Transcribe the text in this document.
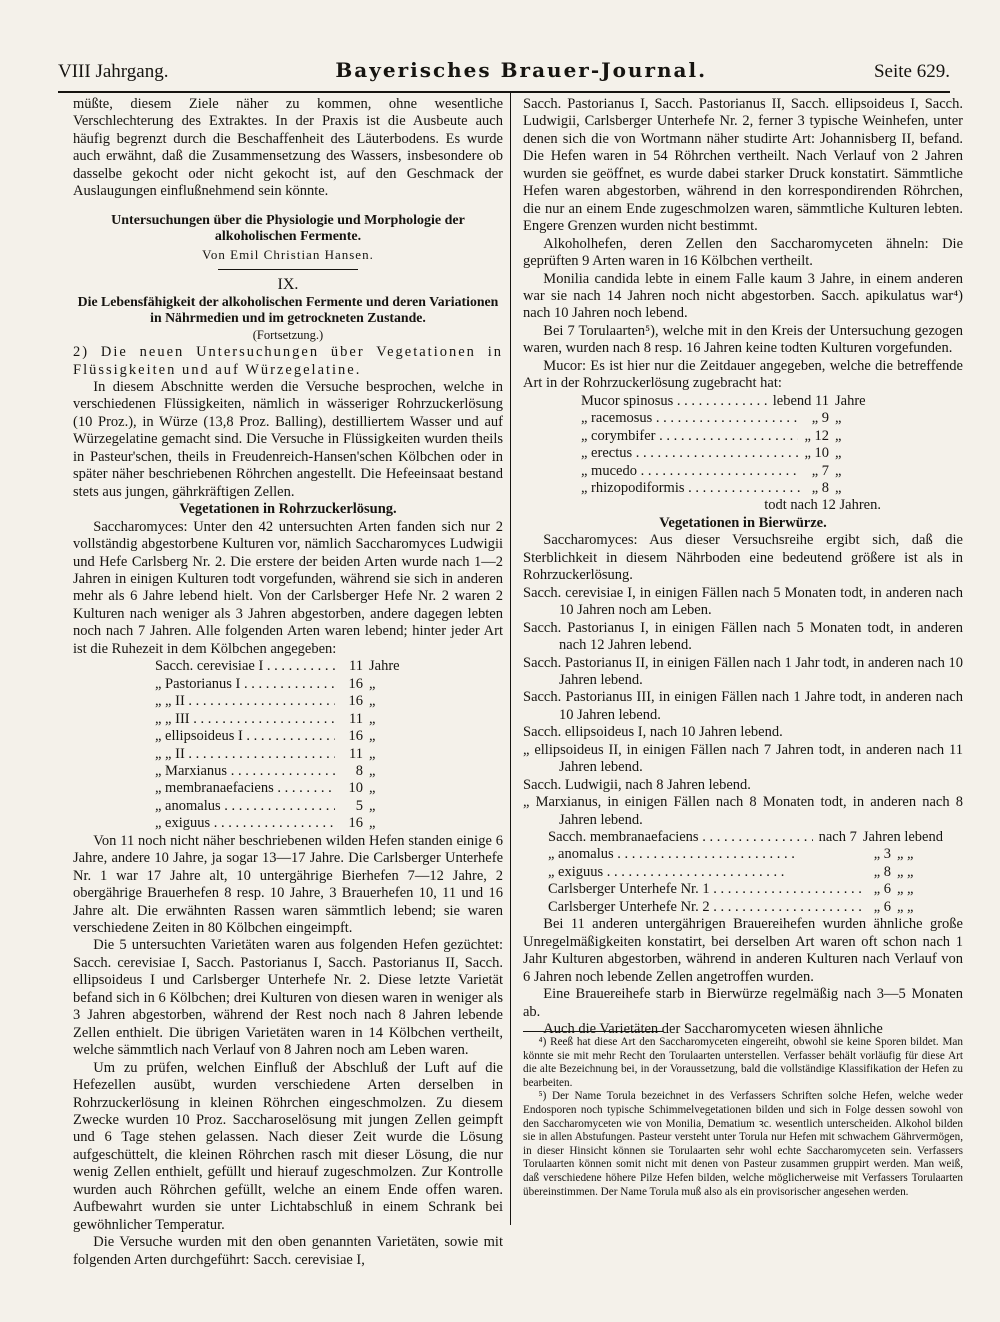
VIII Jahrgang.	Bayerisches Brauer-Journal.	Seite 629.

müßte, diesem Ziele näher zu kommen, ohne wesentliche Verschlechterung des Extraktes. In der Praxis ist die Ausbeute auch häufig begrenzt durch die Beschaffenheit des Läuterbodens. Es wurde auch erwähnt, daß die Zusammensetzung des Wassers, insbesondere ob dasselbe gekocht oder nicht gekocht ist, auf den Geschmack der Auslaugungen einflußnehmend sein könnte.

Untersuchungen über die Physiologie und Morphologie der alkoholischen Fermente.

Von Emil Christian Hansen.

IX.

Die Lebensfähigkeit der alkoholischen Fermente und deren Variationen in Nährmedien und im getrockneten Zustande.

(Fortsetzung.)

2) Die neuen Untersuchungen über Vegetationen in Flüssigkeiten und auf Würzegelatine.

In diesem Abschnitte werden die Versuche besprochen, welche in verschiedenen Flüssigkeiten, nämlich in wässeriger Rohrzuckerlösung (10 Proz.), in Würze (13,8 Proz. Balling), destilliertem Wasser und auf Würzegelatine gemacht sind. Die Versuche in Flüssigkeiten wurden theils in Pasteur'schen, theils in Freudenreich-Hansen'schen Kölbchen oder in später näher beschriebenen Röhrchen angestellt. Die Hefeeinsaat bestand stets aus jungen, gährkräftigen Zellen.

Vegetationen in Rohrzuckerlösung.

Saccharomyces: Unter den 42 untersuchten Arten fanden sich nur 2 vollständig abgestorbene Kulturen vor, nämlich Saccharomyces Ludwigii und Hefe Carlsberg Nr. 2. Die erstere der beiden Arten wurde nach 1—2 Jahren in einigen Kulturen todt vorgefunden, während sie sich in anderen mehr als 6 Jahre lebend hielt. Von der Carlsberger Hefe Nr. 2 waren 2 Kulturen nach weniger als 3 Jahren abgestorben, andere dagegen lebten noch nach 7 Jahren. Alle folgenden Arten waren lebend; hinter jeder Art ist die Ruhezeit in dem Kölbchen angegeben:

Sacch. cerevisiae I . . .	11 Jahre
„ Pastorianus I . . .	16 „
„ „ II . . .	16 „
„ „ III . . .	11 „
„ ellipsoideus I . . .	16 „
„ „ II . . .	11 „
„ Marxianus . . .	8 „
„ membranaefaciens . . .	10 „
„ anomalus . . .	5 „
„ exiguus . . .	16 „

Von 11 noch nicht näher beschriebenen wilden Hefen standen einige 6 Jahre, andere 10 Jahre, ja sogar 13—17 Jahre. Die Carlsberger Unterhefe Nr. 1 war 17 Jahre alt, 10 untergährige Bierhefen 7—12 Jahre, 2 obergährige Brauerhefen 8 resp. 10 Jahre, 3 Brauerhefen 10, 11 und 16 Jahre alt. Die erwähnten Rassen waren sämmtlich lebend; sie waren verschiedene Zeiten in 80 Kölbchen eingeimpft.

Die 5 untersuchten Varietäten waren aus folgenden Hefen gezüchtet: Sacch. cerevisiae I, Sacch. Pastorianus I, Sacch. Pastorianus II, Sacch. ellipsoideus I und Carlsberger Unterhefe Nr. 2. Diese letzte Varietät befand sich in 6 Kölbchen; drei Kulturen von diesen waren in weniger als 3 Jahren abgestorben, während der Rest noch nach 8 Jahren lebende Zellen enthielt. Die übrigen Varietäten waren in 14 Kölbchen vertheilt, welche sämmtlich nach Verlauf von 8 Jahren noch am Leben waren.

Um zu prüfen, welchen Einfluß der Abschluß der Luft auf die Hefezellen ausübt, wurden verschiedene Arten derselben in Rohrzuckerlösung in kleinen Röhrchen eingeschmolzen. Zu diesem Zwecke wurden 10 Proz. Saccharoselösung mit jungen Zellen geimpft und 6 Tage stehen gelassen. Nach dieser Zeit wurde die Lösung aufgeschüttelt, die kleinen Röhrchen rasch mit dieser Lösung, die nur wenig Zellen enthielt, gefüllt und hierauf zugeschmolzen. Zur Kontrolle wurden auch Röhrchen gefüllt, welche an einem Ende offen waren. Aufbewahrt wurden sie unter Lichtabschluß in einem Schrank bei gewöhnlicher Temperatur.

Die Versuche wurden mit den oben genannten Varietäten, sowie mit folgenden Arten durchgeführt: Sacch. cerevisiae I,

Sacch. Pastorianus I, Sacch. Pastorianus II, Sacch. ellipsoideus I, Sacch. Ludwigii, Carlsberger Unterhefe Nr. 2, ferner 3 typische Weinhefen, unter denen sich die von Wortmann näher studirte Art: Johannisberg II, befand. Die Hefen waren in 54 Röhrchen vertheilt. Nach Verlauf von 2 Jahren wurden sie geöffnet, es wurde dabei starker Druck konstatirt. Sämmtliche Hefen waren abgestorben, während in den korrespondirenden Röhrchen, die nur an einem Ende zugeschmolzen waren, sämmtliche Kulturen lebten. Engere Grenzen wurden nicht bestimmt.

Alkoholhefen, deren Zellen den Saccharomyceten ähneln: Die geprüften 9 Arten waren in 16 Kölbchen vertheilt.

Monilia candida lebte in einem Falle kaum 3 Jahre, in einem anderen war sie nach 14 Jahren noch nicht abgestorben. Sacch. apikulatus war⁴) nach 10 Jahren noch lebend.

Bei 7 Torulaarten⁵), welche mit in den Kreis der Untersuchung gezogen waren, wurden nach 8 resp. 16 Jahren keine todten Kulturen vorgefunden.

Mucor: Es ist hier nur die Zeitdauer angegeben, welche die betreffende Art in der Rohrzuckerlösung zugebracht hat:

Mucor spinosus . . .	lebend 11 Jahre
„ racemosus . . .	„ 9 „
„ corymbifer . . .	„ 12 „
„ erectus . . .	„ 10 „
„ mucedo . . .	„ 7 „
„ rhizopodiformis . . .	„ 8 „
todt nach 12 Jahren.

Vegetationen in Bierwürze.

Saccharomyces: Aus dieser Versuchsreihe ergibt sich, daß die Sterblichkeit in diesem Nährboden eine bedeutend größere ist als in Rohrzuckerlösung.

Sacch. cerevisiae I, in einigen Fällen nach 5 Monaten todt, in anderen nach 10 Jahren noch am Leben.

Sacch. Pastorianus I, in einigen Fällen nach 5 Monaten todt, in anderen nach 12 Jahren lebend.

Sacch. Pastorianus II, in einigen Fällen nach 1 Jahr todt, in anderen nach 10 Jahren lebend.

Sacch. Pastorianus III, in einigen Fällen nach 1 Jahre todt, in anderen nach 10 Jahren lebend.

Sacch. ellipsoideus I, nach 10 Jahren lebend.

„ ellipsoideus II, in einigen Fällen nach 7 Jahren todt, in anderen nach 11 Jahren lebend.

Sacch. Ludwigii, nach 8 Jahren lebend.

„ Marxianus, in einigen Fällen nach 8 Monaten todt, in anderen nach 8 Jahren lebend.

Sacch. membranaefaciens . . .	nach 7 Jahren lebend
„ anomalus . . .	„ 3 „ „
„ exiguus . . .	„ 8 „ „
Carlsberger Unterhefe Nr. 1 . . .	„ 6 „ „
Carlsberger Unterhefe Nr. 2 . . .	„ 6 „ „

Bei 11 anderen untergährigen Brauereihefen wurden ähnliche große Unregelmäßigkeiten konstatirt, bei derselben Art waren oft schon nach 1 Jahr Kulturen abgestorben, während in anderen Kulturen nach Verlauf von 6 Jahren noch lebende Zellen angetroffen wurden.

Eine Brauereihefe starb in Bierwürze regelmäßig nach 3—5 Monaten ab.

Auch die Varietäten der Saccharomyceten wiesen ähnliche

⁴) Reeß hat diese Art den Saccharomyceten eingereiht, obwohl sie keine Sporen bildet. Man könnte sie mit mehr Recht den Torulaarten unterstellen. Verfasser behält vorläufig für diese Art die alte Bezeichnung bei, in der Voraussetzung, bald die vollständige Klassifikation der Hefen zu bearbeiten.

⁵) Der Name Torula bezeichnet in des Verfassers Schriften solche Hefen, welche weder Endosporen noch typische Schimmelvegetationen bilden und sich in Folge dessen sowohl von den Saccharomyceten wie von Monilia, Dematium ꝛc. wesentlich unterscheiden. Alkohol bilden sie in allen Abstufungen. Pasteur versteht unter Torula nur Hefen mit schwachem Gährvermögen, in dieser Hinsicht können sie Torulaarten sehr wohl echte Saccharomyceten sein. Verfassers Torulaarten können somit nicht mit denen von Pasteur zusammen gruppirt werden. Man weiß, daß verschiedene höhere Pilze Hefen bilden, welche möglicherweise mit Verfassers Torulaarten übereinstimmen. Der Name Torula muß also als ein provisorischer angesehen werden.
